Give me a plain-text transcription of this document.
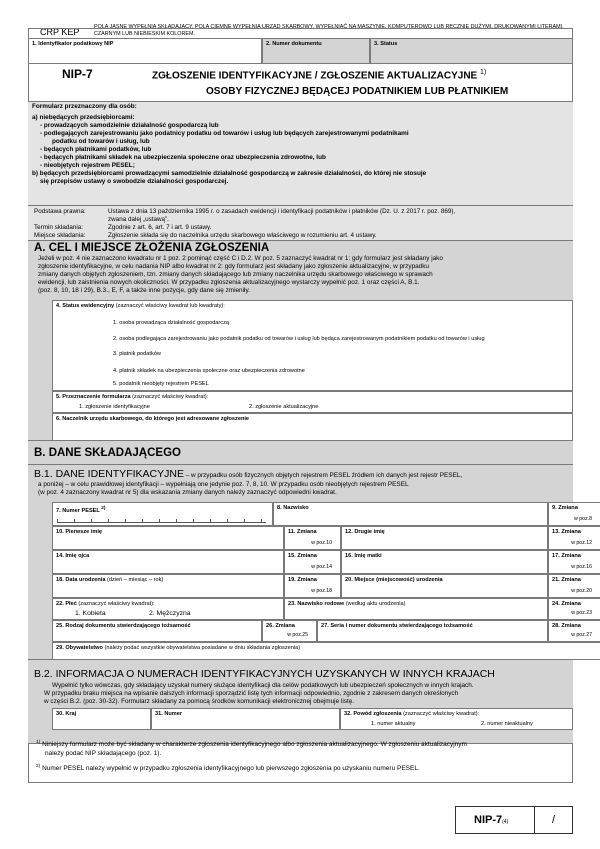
CRP KEP	POLA JASNE WYPEŁNIA SKŁADAJĄCY, POLA CIEMNE WYPEŁNIA URZĄD SKARBOWY. WYPEŁNIAĆ NA MASZYNIE, KOMPUTEROWO LUB RĘCZNIE DUŻYMI, DRUKOWANYMI LITERAMI, CZARNYM LUB NIEBIESKIM KOLOREM.
1. Identyfikator podatkowy NIP	2. Numer dokumentu	3. Status
NIP-7	ZGŁOSZENIE IDENTYFIKACYJNE / ZGŁOSZENIE AKTUALIZACYJNE $^{1)}$
OSOBY FIZYCZNEJ BĘDĄCEJ PODATNIKIEM LUB PŁATNIKIEM
Formularz przeznaczony dla osób:
a) niebędących przedsiębiorcami:
- prowadzących samodzielnie działalność gospodarczą lub
- podlegających zarejestrowaniu jako podatnicy podatku od towarów i usług lub będących zarejestrowanymi podatnikami
podatku od towarów i usług, lub
- będących płatnikami podatków, lub
- będących płatnikami składek na ubezpieczenia społeczne oraz ubezpieczenia zdrowotne, lub
- nieobjętych rejestrem PESEL;
b) będących przedsiębiorcami prowadzącymi samodzielnie działalność gospodarczą w zakresie działalności, do której nie stosuje
się przepisów ustawy o swobodzie działalności gospodarczej.
Podstawa prawna:	Ustawa z dnia 13 października 1995 r. o zasadach ewidencji i identyfikacji podatników i płatników (Dz. U. z 2017 r. poz. 869),
zwana dalej „ustawą”.
Termin składania:	Zgodnie z art. 6, art. 7 i art. 9 ustawy.
Miejsce składania:	Zgłoszenie składa się do naczelnika urzędu skarbowego właściwego w rozumieniu art. 4 ustawy.
A. CEL I MIEJSCE ZŁOŻENIA ZGŁOSZENIA
Jeżeli w poz. 4 nie zaznaczono kwadratu nr 1 poz. 2 pominąć część C i D.2. W poz. 5 zaznaczyć kwadrat nr 1: gdy formularz jest składany jako
zgłoszenie identyfikacyjne, w celu nadania NIP albo kwadrat nr 2: gdy formularz jest składany jako zgłoszenie aktualizacyjne, w przypadku
zmiany danych objętych zgłoszeniem, tzn. zmiany danych składającego lub zmiany naczelnika urzędu skarbowego właściwego w sprawach
ewidencji, lub zaistnienia nowych okoliczności. W przypadku zgłoszenia aktualizacyjnego wystarczy wypełnić poz. 1 oraz części A, B.1.
(poz. 8, 10, 18 i 29), B.3., E, F, a także inne pozycje, gdy dane się zmieniły.
4. Status ewidencyjny (zaznaczyć właściwy kwadrat lub kwadraty):
1. osoba prowadząca działalność gospodarczą
2. osoba podlegająca zarejestrowaniu jako podatnik podatku od towarów i usług lub będąca zarejestrowanym podatnikiem podatku od towarów i usług
3. płatnik podatków
4. płatnik składek na ubezpieczenia społeczne oraz ubezpieczenia zdrowotne
5. podatnik nieobjęty rejestrem PESEL
5. Przeznaczenie formularza (zaznaczyć właściwy kwadrat):
1. zgłoszenie identyfikacyjne	2. zgłoszenie aktualizacyjne
6. Naczelnik urzędu skarbowego, do którego jest adresowane zgłoszenie
B. DANE SKŁADAJĄCEGO
B.1. DANE IDENTYFIKACYJNE – w przypadku osób fizycznych objętych rejestrem PESEL źródłem ich danych jest rejestr PESEL,
a poniżej – w celu prawidłowej identyfikacji – wypełniają one jedynie poz. 7, 8, 10. W przypadku osób nieobjętych rejestrem PESEL
(w poz. 4 zaznaczony kwadrat nr 5) dla wskazania zmiany danych należy zaznaczyć odpowiedni kwadrat.
7. Numer PESEL $^{2)}$	8. Nazwisko	9. Zmiana
w poz.8
10. Pierwsze imię	11. Zmiana
w poz.10
12. Drugie imię	13. Zmiana
w poz.12
14. Imię ojca	15. Zmiana
w poz.14
16. Imię matki	17. Zmiana
w poz.16
18. Data urodzenia (dzień – miesiąc – rok)	19. Zmiana
w poz.18
20. Miejsce (miejscowość) urodzenia	21. Zmiana
w poz.20
22. Płeć (zaznaczyć właściwy kwadrat):
1. Kobieta	2. Mężczyzna
23. Nazwisko rodowe (według aktu urodzenia)	24. Zmiana
w poz.23
25. Rodzaj dokumentu stwierdzającego tożsamość	26. Zmiana
w poz.25
27. Seria i numer dokumentu stwierdzającego tożsamość	28. Zmiana
w poz.27
29. Obywatelstwo (należy podać wszystkie obywatelstwa posiadane w dniu składania zgłoszenia)
B.2. INFORMACJA O NUMERACH IDENTYFIKACYJNYCH UZYSKANYCH W INNYCH KRAJACH
Wypełnić tylko wówczas, gdy składający uzyskał numery służące identyfikacji dla celów podatkowych lub ubezpieczeń społecznych w innych krajach.
W przypadku braku miejsca na wpisanie dalszych informacji sporządzić listę tych informacji odpowiednio, zgodnie z zakresem danych określonych
w części B.2. (poz. 30-32). Formularz składany za pomocą środków komunikacji elektronicznej obejmuje listę.
30. Kraj	31. Numer	32. Powód zgłoszenia (zaznaczyć właściwy kwadrat):
1. numer aktualny	2. numer nieaktualny
$^{1)}$ Niniejszy formularz może być składany w charakterze zgłoszenia identyfikacyjnego albo zgłoszenia aktualizacyjnego. W zgłoszeniu aktualizacyjnym
należy podać NIP składającego (poz. 1).
$^{2)}$ Numer PESEL należy wypełnić w przypadku zgłoszenia identyfikacyjnego lub pierwszego zgłoszenia po uzyskaniu numeru PESEL.
NIP-7(4)	/
